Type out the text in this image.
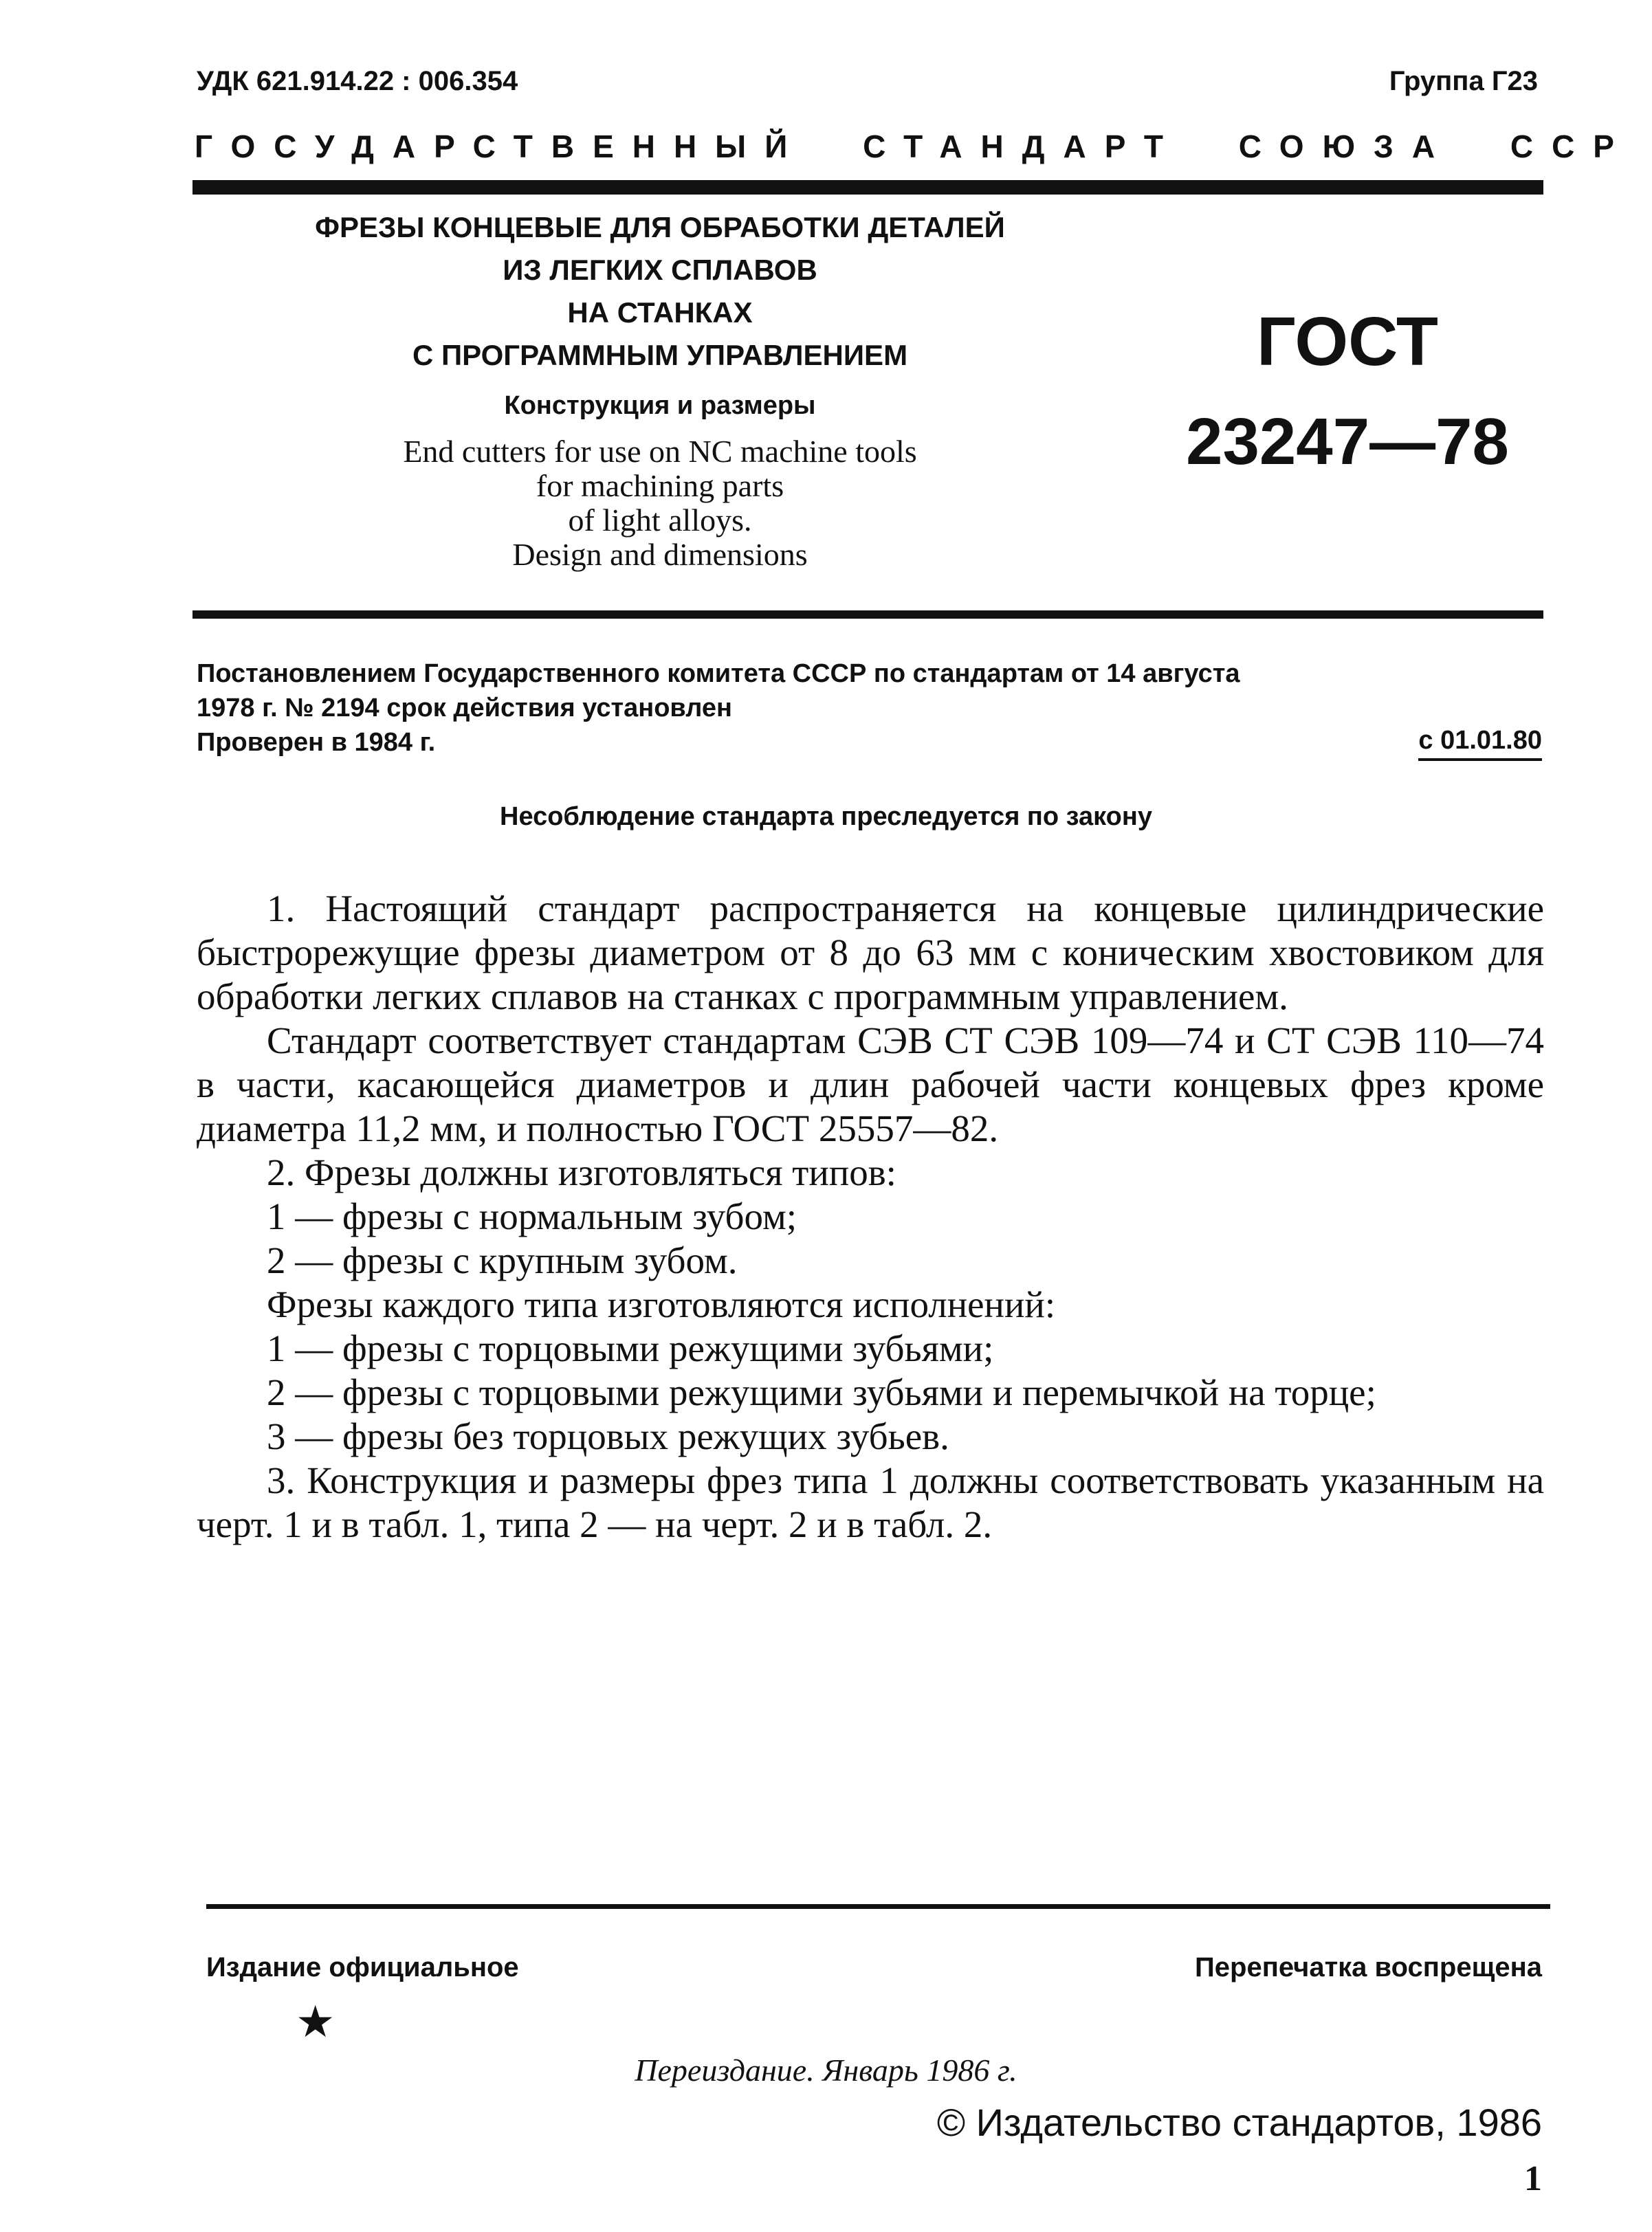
УДК 621.914.22 : 006.354	Группа Г23
ГОСУДАРСТВЕННЫЙ СТАНДАРТ СОЮЗА ССР
ФРЕЗЫ КОНЦЕВЫЕ ДЛЯ ОБРАБОТКИ ДЕТАЛЕЙ
ИЗ ЛЕГКИХ СПЛАВОВ
НА СТАНКАХ
С ПРОГРАММНЫМ УПРАВЛЕНИЕМ
Конструкция и размеры
End cutters for use on NC machine tools
for machining parts
of light alloys.
Design and dimensions
ГОСТ
23247—78
Постановлением Государственного комитета СССР по стандартам от 14 августа
1978 г. № 2194 срок действия установлен
Проверен в 1984 г.	с 01.01.80
Несоблюдение стандарта преследуется по закону

1. Настоящий стандарт распространяется на концевые цилиндрические быстрорежущие фрезы диаметром от 8 до 63 мм с коническим хвостовиком для обработки легких сплавов на станках с программным управлением.

Стандарт соответствует стандартам СЭВ СТ СЭВ 109—74 и СТ СЭВ 110—74 в части, касающейся диаметров и длин рабочей части концевых фрез кроме диаметра 11,2 мм, и полностью ГОСТ 25557—82.

2. Фрезы должны изготовляться типов:

1 — фрезы с нормальным зубом;

2 — фрезы с крупным зубом.

Фрезы каждого типа изготовляются исполнений:

1 — фрезы с торцовыми режущими зубьями;

2 — фрезы с торцовыми режущими зубьями и перемычкой на торце;

3 — фрезы без торцовых режущих зубьев.

3. Конструкция и размеры фрез типа 1 должны соответствовать указанным на черт. 1 и в табл. 1, типа 2 — на черт. 2 и в табл. 2.

Издание официальное	Перепечатка воспрещена
★
Переиздание. Январь 1986 г.
© Издательство стандартов, 1986
1
